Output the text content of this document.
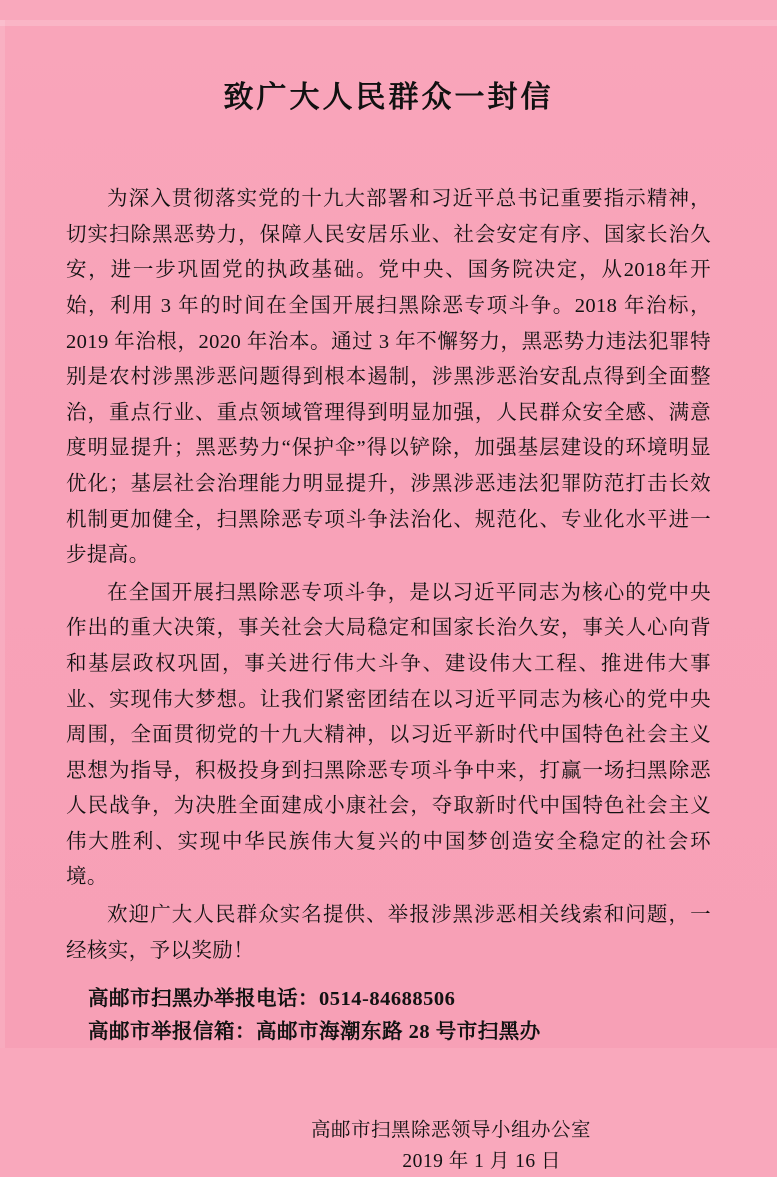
致广大人民群众一封信

为深入贯彻落实党的十九大部署和习近平总书记重要指示精神，切实扫除黑恶势力，保障人民安居乐业、社会安定有序、国家长治久安，进一步巩固党的执政基础。党中央、国务院决定，从2018年开始，利用 3 年的时间在全国开展扫黑除恶专项斗争。2018 年治标，2019 年治根，2020 年治本。通过 3 年不懈努力，黑恶势力违法犯罪特别是农村涉黑涉恶问题得到根本遏制，涉黑涉恶治安乱点得到全面整治，重点行业、重点领域管理得到明显加强，人民群众安全感、满意度明显提升；黑恶势力“保护伞”得以铲除，加强基层建设的环境明显优化；基层社会治理能力明显提升，涉黑涉恶违法犯罪防范打击长效机制更加健全，扫黑除恶专项斗争法治化、规范化、专业化水平进一步提高。

在全国开展扫黑除恶专项斗争，是以习近平同志为核心的党中央作出的重大决策，事关社会大局稳定和国家长治久安，事关人心向背和基层政权巩固，事关进行伟大斗争、建设伟大工程、推进伟大事业、实现伟大梦想。让我们紧密团结在以习近平同志为核心的党中央周围，全面贯彻党的十九大精神，以习近平新时代中国特色社会主义思想为指导，积极投身到扫黑除恶专项斗争中来，打赢一场扫黑除恶人民战争，为决胜全面建成小康社会，夺取新时代中国特色社会主义伟大胜利、实现中华民族伟大复兴的中国梦创造安全稳定的社会环境。

欢迎广大人民群众实名提供、举报涉黑涉恶相关线索和问题，一经核实，予以奖励！

高邮市扫黑办举报电话：0514-84688506
高邮市举报信箱：高邮市海潮东路 28 号市扫黑办
高邮市扫黑除恶领导小组办公室
2019 年 1 月 16 日
